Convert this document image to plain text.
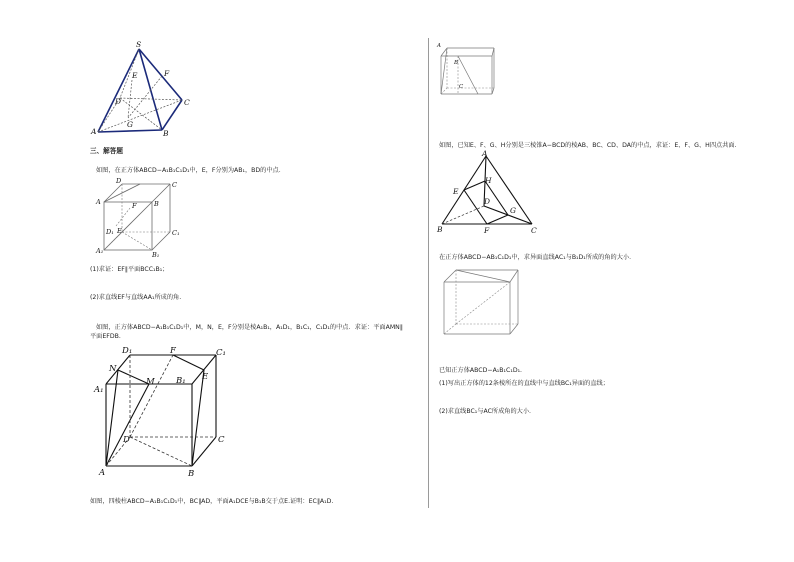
S
E	F
D	C
A
G
B
三、解答题
如图，在正方体ABCD−A₁B₁C₁D₁中，E，F分别为AB₁，BD的中点．
D	C
A	B
D₁ E
F
C₁
A₁	B₁
(1)求证：EF∥平面BCC₁B₁；
(2)求直线EF与直线AA₁所成的角.
如图，正方体ABCD−A₁B₁C₁D₁中，M，N，E，F分别是棱A₁B₁，A₁D₁，B₁C₁，C₁D₁的中点．求证：平面AMN∥
平面EFDB.
D₁	F	C₁
N
A₁
M	B₁ E
D	C
A	B
如图，四棱柱ABCD−A₁B₁C₁D₁中，BC∥AD，平面A₁DCE与B₁B交于点E.证明：EC∥A₁D.
A
B
C
如图，已知E、F、G、H分别是三棱锥A−BCD的棱AB、BC、CD、DA的中点，求证：E、F、G、H四点共面.
A
H
E
D
G
B	F	C
在正方体ABCD−AB₁C₁D₁中，求异面直线AC₁与B₁D₁所成的角的大小．
已知正方体ABCD−A₁B₁C₁D₁.
(1)写出正方体的12条棱所在的直线中与直线BC₁异面的直线；
(2)求直线BC₁与AC所成角的大小.
